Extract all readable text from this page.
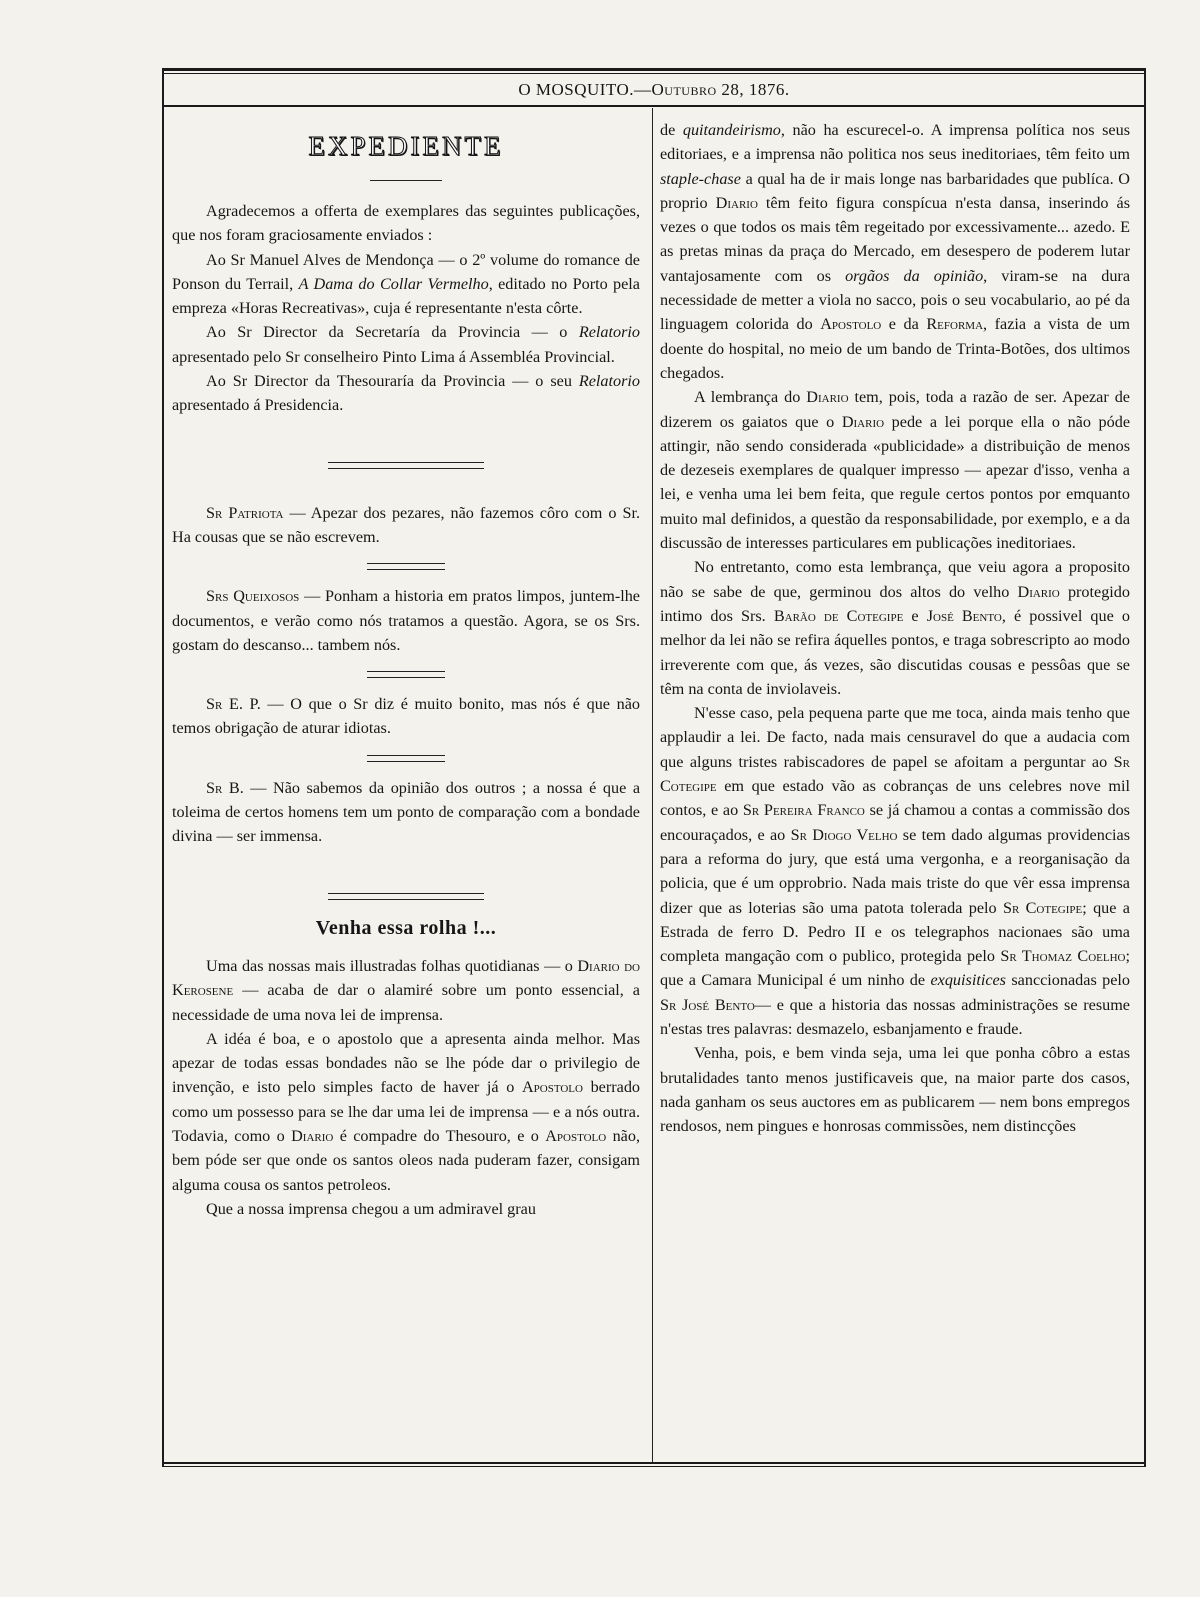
O MOSQUITO.—Outubro 28, 1876.
EXPEDIENTE

Agradecemos a offerta de exemplares das seguintes publicações, que nos foram graciosamente enviados :

Ao Sr Manuel Alves de Mendonça — o 2º volume do romance de Ponson du Terrail, A Dama do Collar Vermelho, editado no Porto pela empreza «Horas Recreativas», cuja é representante n'esta côrte.

Ao Sr Director da Secretaría da Provincia — o Relatorio apresentado pelo Sr conselheiro Pinto Lima á Assembléa Provincial.

Ao Sr Director da Thesouraría da Provincia — o seu Relatorio apresentado á Presidencia.

Sr Patriota — Apezar dos pezares, não fazemos côro com o Sr. Ha cousas que se não escrevem.

Srs Queixosos — Ponham a historia em pratos limpos, juntem-lhe documentos, e verão como nós tratamos a questão. Agora, se os Srs. gostam do descanso... tambem nós.

Sr E. P. — O que o Sr diz é muito bonito, mas nós é que não temos obrigação de aturar idiotas.

Sr B. — Não sabemos da opinião dos outros ; a nossa é que a toleima de certos homens tem um ponto de comparação com a bondade divina — ser immensa.

Venha essa rolha !...

Uma das nossas mais illustradas folhas quotidianas — o Diario do Kerosene — acaba de dar o alamiré sobre um ponto essencial, a necessidade de uma nova lei de imprensa.

A idéa é boa, e o apostolo que a apresenta ainda melhor. Mas apezar de todas essas bondades não se lhe póde dar o privilegio de invenção, e isto pelo simples facto de haver já o Apostolo berrado como um possesso para se lhe dar uma lei de imprensa — e a nós outra. Todavia, como o Diario é compadre do Thesouro, e o Apostolo não, bem póde ser que onde os santos oleos nada puderam fazer, consigam alguma cousa os santos petroleos.

Que a nossa imprensa chegou a um admiravel grau

de quitandeirismo, não ha escurecel-o. A imprensa política nos seus editoriaes, e a imprensa não politica nos seus ineditoriaes, têm feito um staple-chase a qual ha de ir mais longe nas barbaridades que publíca. O proprio Diario têm feito figura conspícua n'esta dansa, inserindo ás vezes o que todos os mais têm regeitado por excessivamente... azedo. E as pretas minas da praça do Mercado, em desespero de poderem lutar vantajosamente com os orgãos da opinião, viram-se na dura necessidade de metter a viola no sacco, pois o seu vocabulario, ao pé da linguagem colorida do Apostolo e da Reforma, fazia a vista de um doente do hospital, no meio de um bando de Trinta-Botões, dos ultimos chegados.

A lembrança do Diario tem, pois, toda a razão de ser. Apezar de dizerem os gaiatos que o Diario pede a lei porque ella o não póde attingir, não sendo considerada «publicidade» a distribuição de menos de dezeseis exemplares de qualquer impresso — apezar d'isso, venha a lei, e venha uma lei bem feita, que regule certos pontos por emquanto muito mal definidos, a questão da responsabilidade, por exemplo, e a da discussão de interesses particulares em publicações ineditoriaes.

No entretanto, como esta lembrança, que veiu agora a proposito não se sabe de que, germinou dos altos do velho Diario protegido intimo dos Srs. Barão de Cotegipe e José Bento, é possivel que o melhor da lei não se refira áquelles pontos, e traga sobrescripto ao modo irreverente com que, ás vezes, são discutidas cousas e pessôas que se têm na conta de inviolaveis.

N'esse caso, pela pequena parte que me toca, ainda mais tenho que applaudir a lei. De facto, nada mais censuravel do que a audacia com que alguns tristes rabiscadores de papel se afoitam a perguntar ao Sr Cotegipe em que estado vão as cobranças de uns celebres nove mil contos, e ao Sr Pereira Franco se já chamou a contas a commissão dos encouraçados, e ao Sr Diogo Velho se tem dado algumas providencias para a reforma do jury, que está uma vergonha, e a reorganisação da policia, que é um opprobrio. Nada mais triste do que vêr essa imprensa dizer que as loterias são uma patota tolerada pelo Sr Cotegipe; que a Estrada de ferro D. Pedro II e os telegraphos nacionaes são uma completa mangação com o publico, protegida pelo Sr Thomaz Coelho; que a Camara Municipal é um ninho de exquisitices sanccionadas pelo Sr José Bento— e que a historia das nossas administrações se resume n'estas tres palavras: desmazelo, esbanjamento e fraude.

Venha, pois, e bem vinda seja, uma lei que ponha côbro a estas brutalidades tanto menos justificaveis que, na maior parte dos casos, nada ganham os seus auctores em as publicarem — nem bons empregos rendosos, nem pingues e honrosas commissões, nem distincções
